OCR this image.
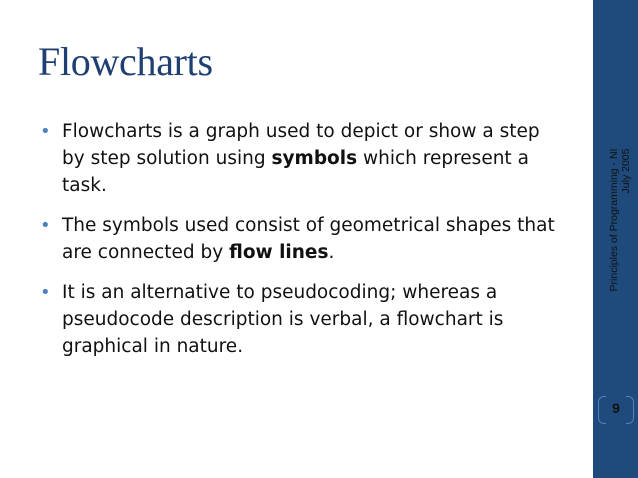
Flowcharts
• Flowcharts is a graph used to depict or show a step by step solution using symbols which represent a task.
• The symbols used consist of geometrical shapes that are connected by flow lines.
• It is an alternative to pseudocoding; whereas a pseudocode description is verbal, a flowchart is graphical in nature.
Principles of Programming - NI July 2005
9
